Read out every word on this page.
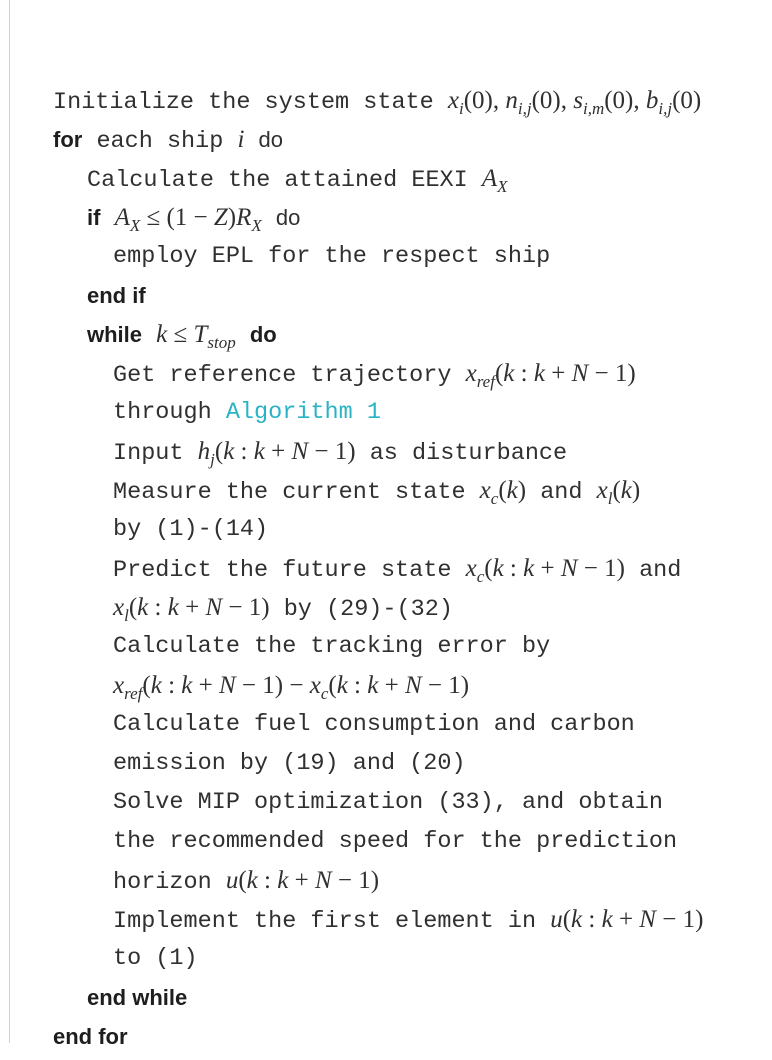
Initialize the system state $x_i(0)$, $n_{i,j}(0)$, $s_{i,m}(0)$, $b_{i,j}(0)$
for each ship i do
Calculate the attained EEXI $A_X$
if $A_X \le (1 - Z)R_X$ do
employ EPL for the respect ship
end if
while $k \le T_{stop}$ do
Get reference trajectory $x_{ref}(k$ : k + N − 1)
through Algorithm 1
Input $h_j(k$ : k + N − 1) as disturbance
Measure the current state $x_c(k)$ and $x_l(k)$
by (1)-(14)
Predict the future state $x_c(k$ : k + N − 1) and
$x_l(k$ : k + N − 1) by (29)-(32)
Calculate the tracking error by
$x_{ref}(k$ : $k + N - 1) - x_c(k$ : k + N − 1)
Calculate fuel consumption and carbon
emission by (19) and (20)
Solve MIP optimization (33), and obtain
the recommended speed for the prediction
horizon u(k : k + N − 1)
Implement the first element in u(k : k + N − 1)
to (1)
end while
end for
